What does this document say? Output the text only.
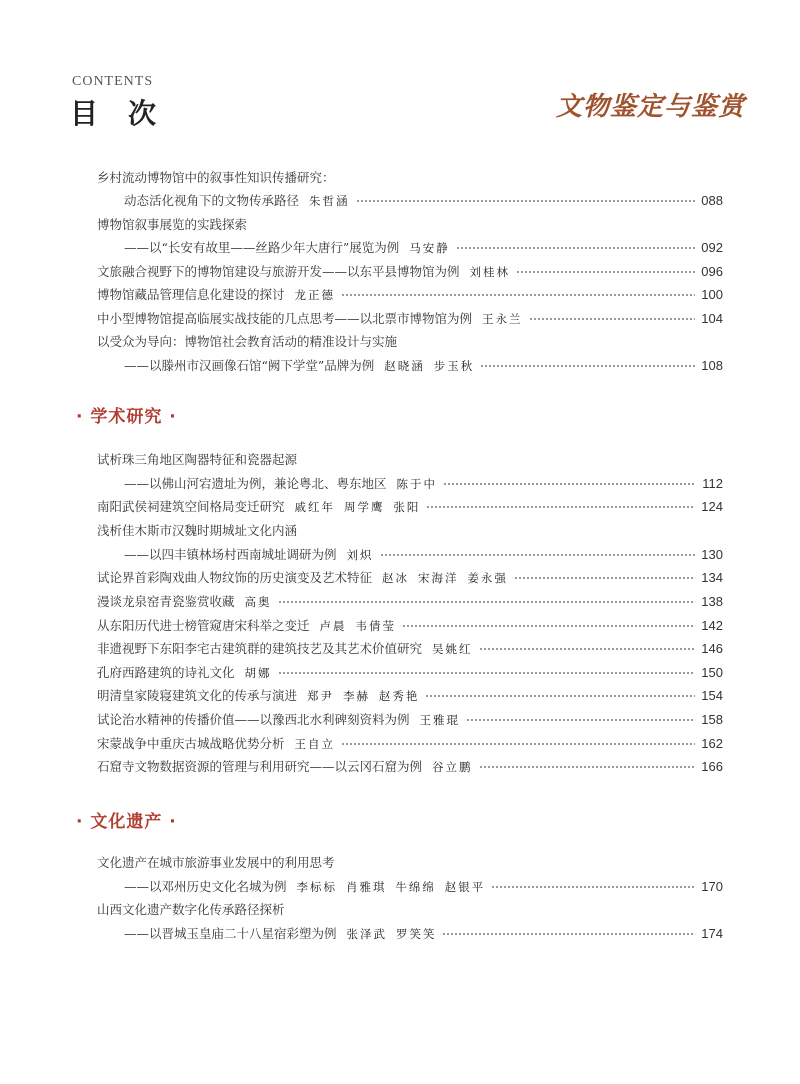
CONTENTS
目次	文物鉴定与鉴赏
乡村流动博物馆中的叙事性知识传播研究：
动态活化视角下的文物传承路径 朱哲涵	088
博物馆叙事展览的实践探索
——以“长安有故里——丝路少年大唐行”展览为例 马安静	092
文旅融合视野下的博物馆建设与旅游开发——以东平县博物馆为例 刘桂林	096
博物馆藏品管理信息化建设的探讨 龙正德	100
中小型博物馆提高临展实战技能的几点思考——以北票市博物馆为例 王永兰	104
以受众为导向：博物馆社会教育活动的精准设计与实施
——以滕州市汉画像石馆“阙下学堂”品牌为例 赵晓涵 步玉秋	108
· 学术研究 ·
试析珠三角地区陶器特征和瓷器起源
——以佛山河宕遗址为例，兼论粤北、粤东地区 陈于中	112
南阳武侯祠建筑空间格局变迁研究 戚红年 周学鹰 张阳	124
浅析佳木斯市汉魏时期城址文化内涵
——以四丰镇林场村西南城址调研为例 刘炽	130
试论界首彩陶戏曲人物纹饰的历史演变及艺术特征 赵冰 宋海洋 姜永强	134
漫谈龙泉窑青瓷鉴赏收藏 高奥	138
从东阳历代进士榜管窥唐宋科举之变迁 卢晨 韦倩莹	142
非遗视野下东阳李宅古建筑群的建筑技艺及其艺术价值研究 吴姚红	146
孔府西路建筑的诗礼文化 胡娜	150
明清皇家陵寝建筑文化的传承与演进 郑尹 李赫 赵秀艳	154
试论治水精神的传播价值——以豫西北水利碑刻资料为例 王雅琨	158
宋蒙战争中重庆古城战略优势分析 王自立	162
石窟寺文物数据资源的管理与利用研究——以云冈石窟为例 谷立鹏	166
· 文化遗产 ·
文化遗产在城市旅游事业发展中的利用思考
——以邓州历史文化名城为例 李标标 肖雅琪 牛绵绵 赵银平	170
山西文化遗产数字化传承路径探析
——以晋城玉皇庙二十八星宿彩塑为例 张泽武 罗笑笑	174
